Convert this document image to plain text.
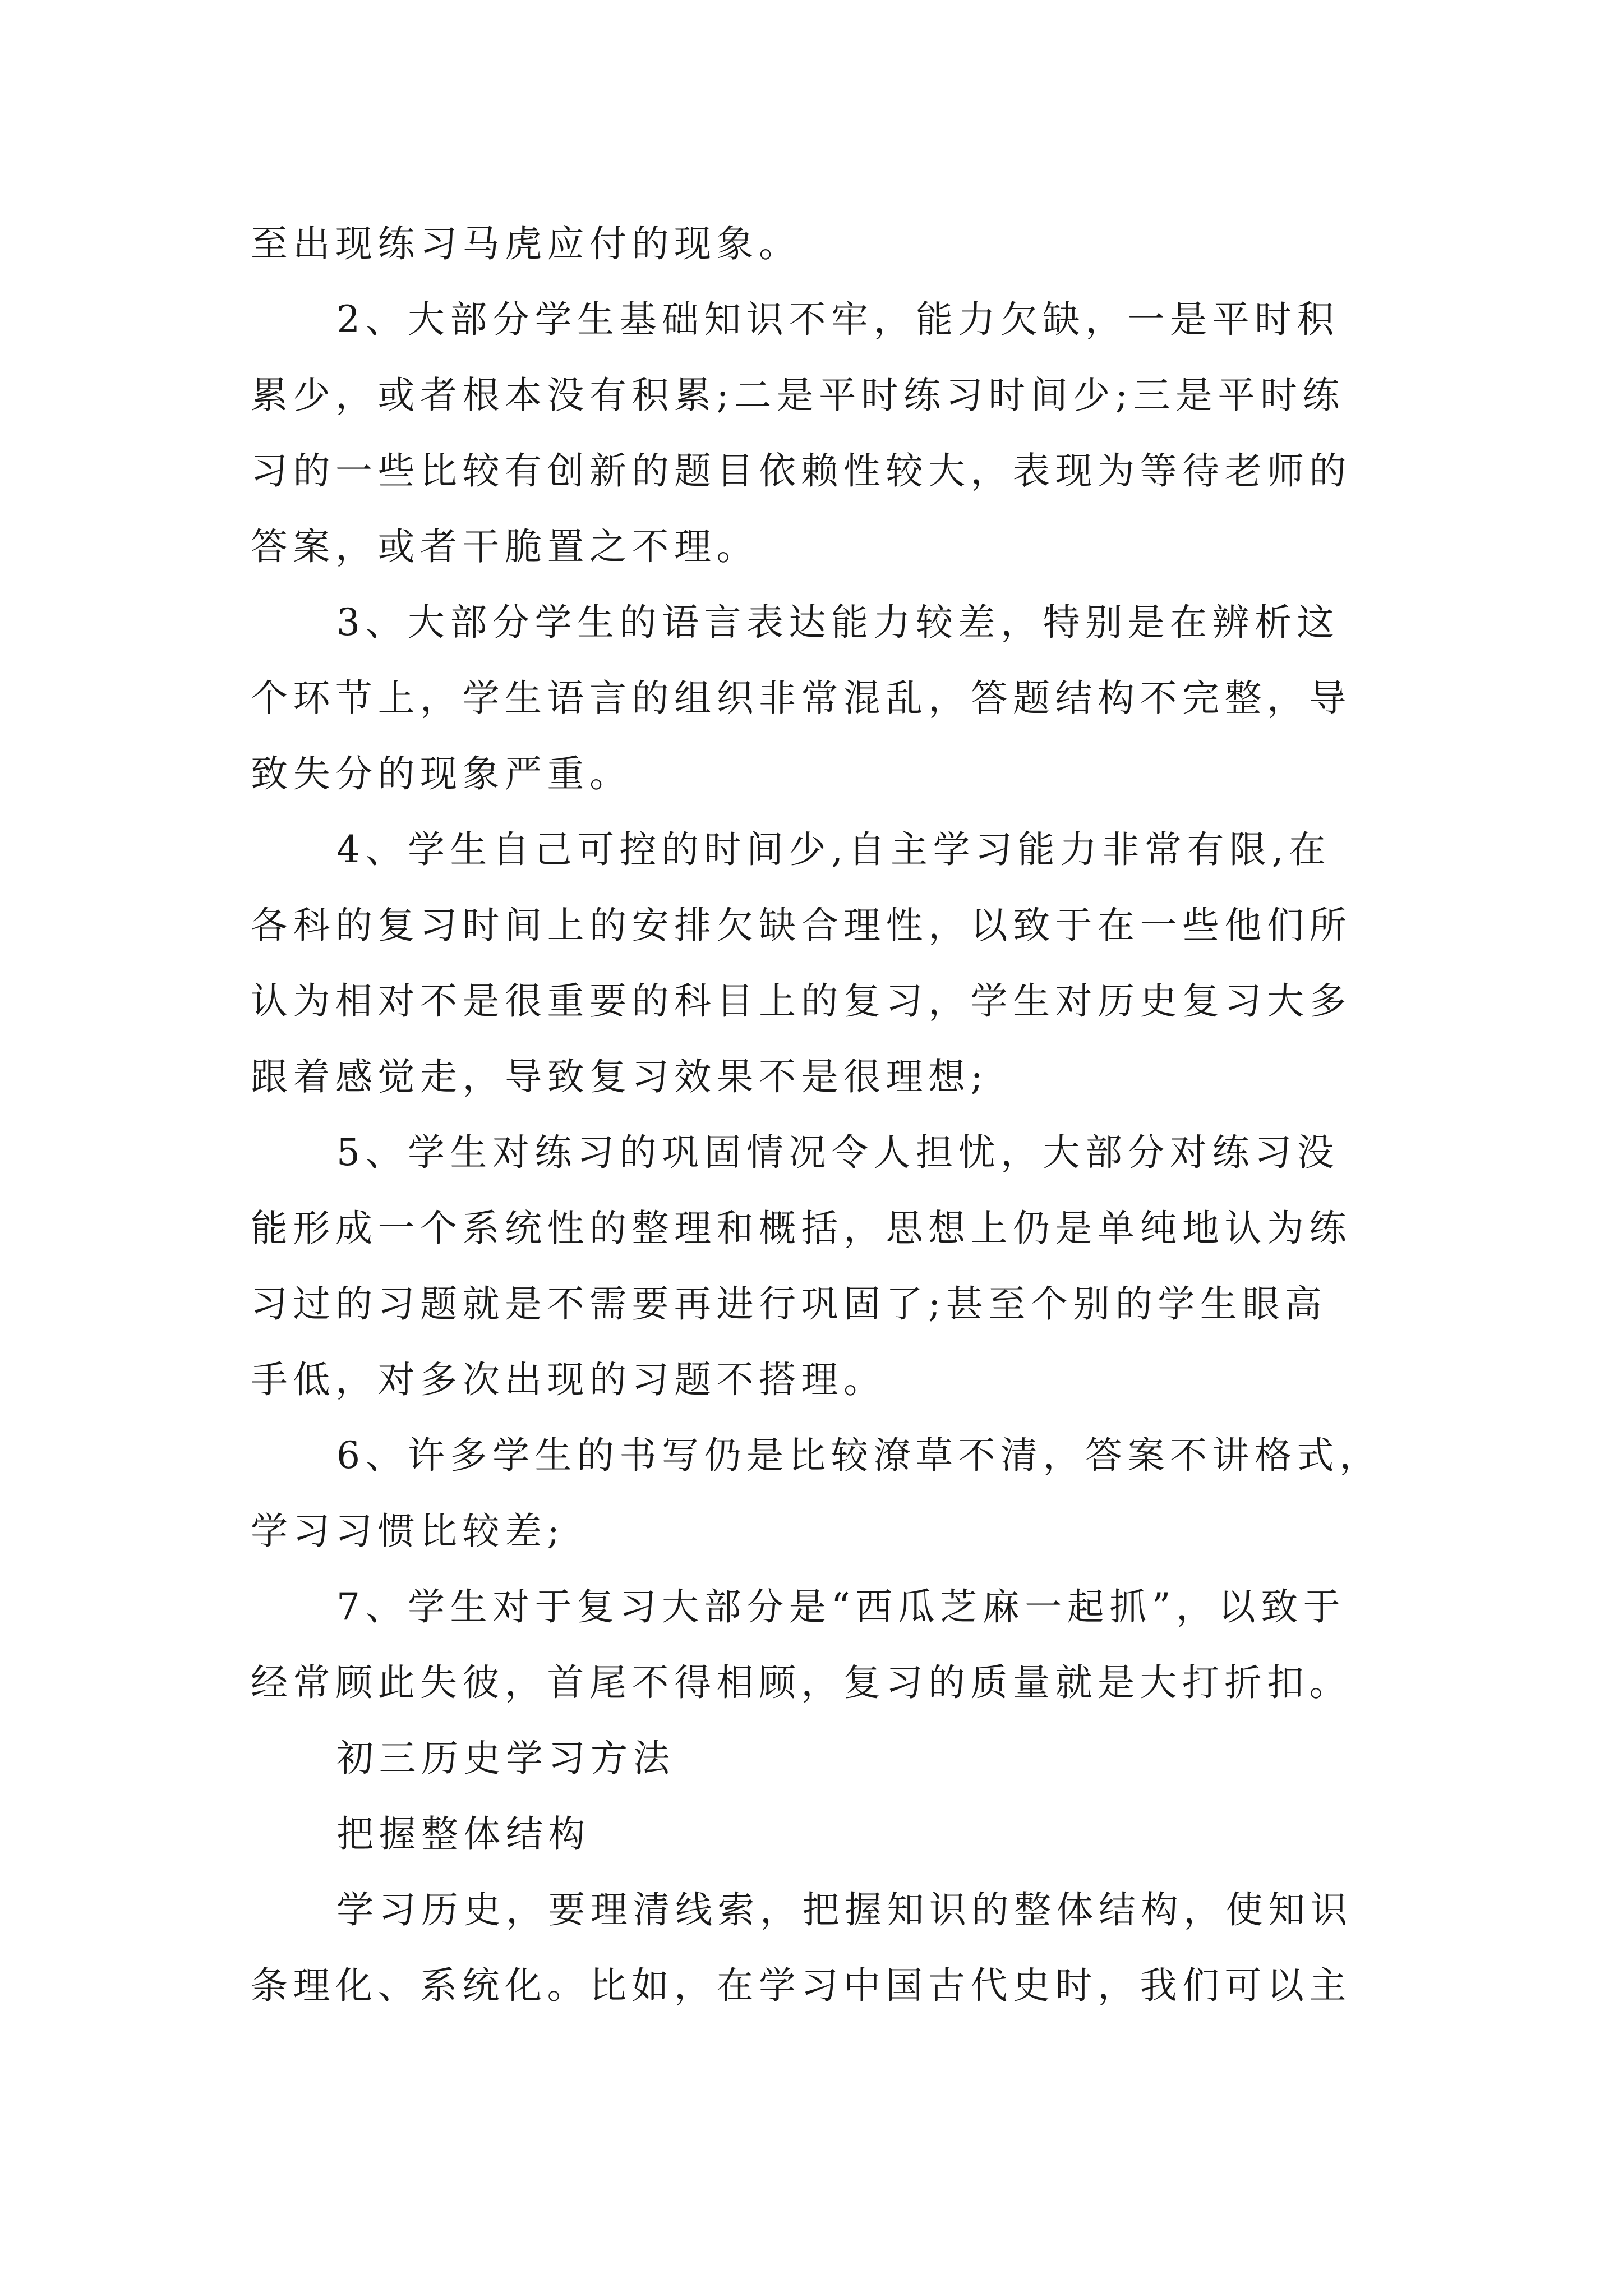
至出现练习马虎应付的现象。
2、大部分学生基础知识不牢，能力欠缺，一是平时积
累少，或者根本没有积累;二是平时练习时间少;三是平时练
习的一些比较有创新的题目依赖性较大，表现为等待老师的
答案，或者干脆置之不理。
3、大部分学生的语言表达能力较差，特别是在辨析这
个环节上，学生语言的组织非常混乱，答题结构不完整，导
致失分的现象严重。
4、学生自己可控的时间少,自主学习能力非常有限,在
各科的复习时间上的安排欠缺合理性，以致于在一些他们所
认为相对不是很重要的科目上的复习，学生对历史复习大多
跟着感觉走，导致复习效果不是很理想;
5、学生对练习的巩固情况令人担忧，大部分对练习没
能形成一个系统性的整理和概括，思想上仍是单纯地认为练
习过的习题就是不需要再进行巩固了;甚至个别的学生眼高
手低，对多次出现的习题不搭理。
6、许多学生的书写仍是比较潦草不清，答案不讲格式，
学习习惯比较差;
7、学生对于复习大部分是“西瓜芝麻一起抓”，以致于
经常顾此失彼，首尾不得相顾，复习的质量就是大打折扣。
初三历史学习方法
把握整体结构
学习历史，要理清线索，把握知识的整体结构，使知识
条理化、系统化。比如，在学习中国古代史时，我们可以主
